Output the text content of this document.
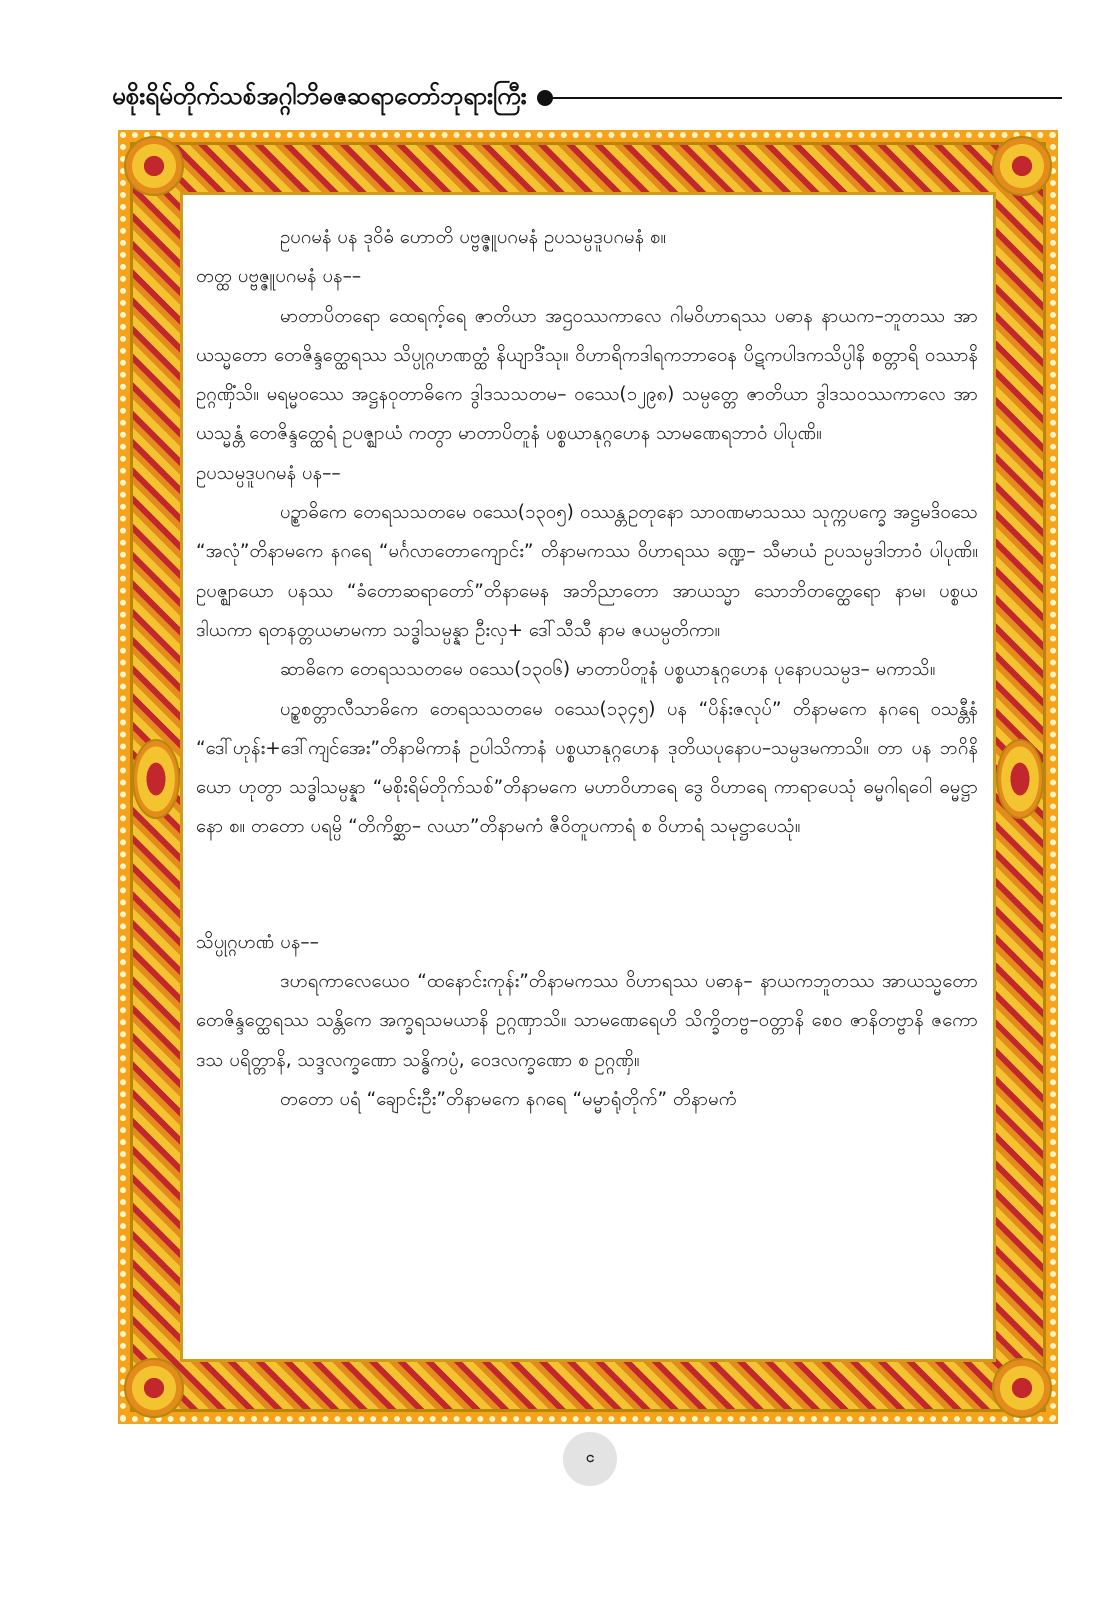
မစိုးရိမ်တိုက်သစ်အဂ္ဂါဘိဓဇဆရာတော်ဘုရားကြီး

ဥပဂမနံ ပန ဒုဝိဓံ ဟောတိ ပဗ္ဗဇ္ဇူပဂမနံ ဥပသမ္ပဒူပဂမနံ စ။

တတ္ထ ပဗ္ဗဇ္ဇူပဂမနံ ပန––

မာတာပိတရော ထေရက့်ရေ ဇာတိယာ အဌဝဿကာလေ ဂါမဝိဟာရဿ ပဓာန နာယက–ဘူတဿ အာယသ္မတော တေဇိန္ဒတ္ထေရဿ သိပ္ပုဂ္ဂဟဏတ္ထံ နိယျာဒိံသု။ ဝိဟာရိကဒါရကဘာဝေန ပိဋကပါဒကသိပ္ပါနိ စတ္တာရိ ဝဿာနိ ဥဂ္ဂဏှိံသိ။ မရမ္မဝဿေ အဋ္ဌနဝုတာဓိကေ ဒွါဒသသတမ– ဝဿေ(၁၂၉၈) သမ္ပတ္တေ ဇာတိယာ ဒွါဒသဝဿကာလေ အာယသ္မန္တံ တေဇိန္ဒတ္ထေရံ ဥပဇ္ဈာယံ ကတွာ မာတာပိတူနံ ပစ္စယာနုဂ္ဂဟေန သာမဏေရဘာဝံ ပါပုဏိ။

ဥပသမ္ပဒူပဂမနံ ပန––

ပဉ္စာဓိကေ တေရသသတမေ ဝဿေ(၁၃၀၅) ဝဿန္တဥတုနော သာဝဏမာသဿ သုက္ကပက္ခေ အဋ္ဌမဒိဝသေ “အလုံ”တိနာမကေ နဂရေ “မင်္ဂလာတောကျောင်း” တိနာမကဿ ဝိဟာရဿ ခဏ္ဍ– သီမာယံ ဥပသမ္ပဒါဘာဝံ ပါပုဏိ။ ဥပဇ္ဈာယော ပနဿ “ခံတောဆရာတော်”တိနာမေန အဘိညာတော အာယသ္မာ သောဘိတတ္ထေရော နာမ၊ ပစ္စယဒါယကာ ရတနတ္တယမာမကာ သဒ္ဓါသမ္ပန္နာ ဦးလှ+ ဒေါ်သီသီ နာမ ဇယမ္ပတိကာ။

ဆာဓိကေ တေရသသတမေ ဝဿေ(၁၃၀၆) မာတာပိတူနံ ပစ္စယာနုဂ္ဂဟေန ပုနောပသမ္ပဒ– မကာသိ။

ပဉ္စစတ္တာလီသာဓိကေ တေရသသတမေ ဝဿေ(၁၃၄၅) ပန “ပိန်းဇလုပ်” တိနာမကေ နဂရေ ဝသန္တီနံ “ဒေါ်ဟုန်း+ဒေါ်ကျင်အေး”တိနာမိကာနံ ဥပါသိကာနံ ပစ္စယာနုဂ္ဂဟေန ဒုတိယပုနောပ–သမ္ပဒမကာသိ။ တာ ပန ဘဂိနိယော ဟုတွာ သဒ္ဓါသမ္ပန္နာ “မစိုးရိမ်တိုက်သစ်”တိနာမကေ မဟာဝိဟာရေ ဒွေ ဝိဟာရေ ကာရာပေသုံ ဓမ္မဂါရဝေါ ဓမ္မဋ္ဌာနော စ။ တတော ပရမ္ပိ “တိကိစ္ဆာ– လယာ”တိနာမကံ ဇီဝိတူပကာရံ စ ဝိဟာရံ သမုဋ္ဌာပေသုံ။

သိပ္ပုဂ္ဂဟဏံ ပန––

ဒဟရကာလေယေဝ “ထနောင်းကုန်း”တိနာမကဿ ဝိဟာရဿ ပဓာန– နာယကဘူတဿ အာယသ္မတော တေဇိန္ဒတ္ထေရဿ သန္တိကေ အက္ခရသမယာနိ ဥဂ္ဂဏှာသိ။ သာမဏေရေဟိ သိက္ခိတဗ္ဗ–ဝတ္တာနိ စေဝ ဇာနိတဗ္ဗာနိ ဇကောဒသ ပရိတ္တာနိ, သဒ္ဒလက္ခဏော သန္ဓိကပ္ပံ, ဝေဒလက္ခဏော စ ဥဂ္ဂဏှိ။

တတော ပရံ “ချောင်းဦး”တိနာမကေ နဂရေ “မမ္မာရုံတိုက်” တိနာမကံ

င
